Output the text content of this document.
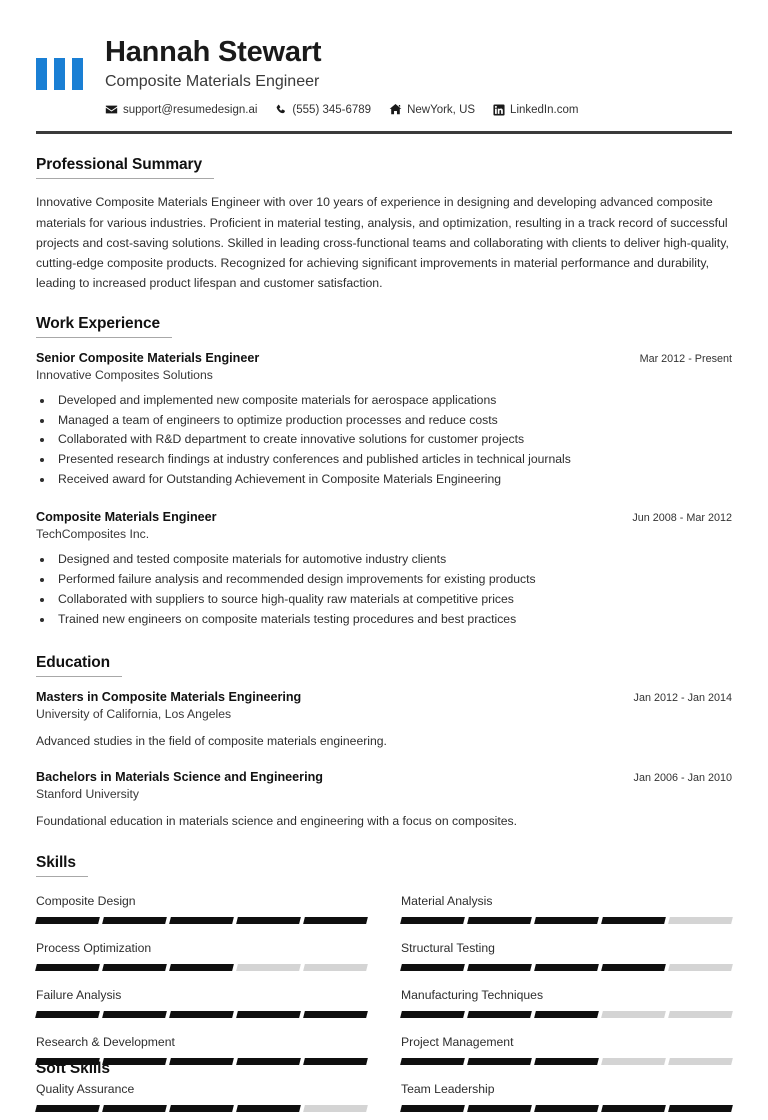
Hannah Stewart
Composite Materials Engineer
support@resumedesign.ai	(555) 345-6789	NewYork, US	LinkedIn.com
Professional Summary

Innovative Composite Materials Engineer with over 10 years of experience in designing and developing advanced composite materials for various industries. Proficient in material testing, analysis, and optimization, resulting in a track record of successful projects and cost-saving solutions. Skilled in leading cross-functional teams and collaborating with clients to deliver high-quality, cutting-edge composite products. Recognized for achieving significant improvements in material performance and durability, leading to increased product lifespan and customer satisfaction.

Work Experience
Senior Composite Materials Engineer	Mar 2012 - Present
Innovative Composites Solutions
• Developed and implemented new composite materials for aerospace applications
• Managed a team of engineers to optimize production processes and reduce costs
• Collaborated with R&D department to create innovative solutions for customer projects
• Presented research findings at industry conferences and published articles in technical journals
• Received award for Outstanding Achievement in Composite Materials Engineering
Composite Materials Engineer	Jun 2008 - Mar 2012
TechComposites Inc.
• Designed and tested composite materials for automotive industry clients
• Performed failure analysis and recommended design improvements for existing products
• Collaborated with suppliers to source high-quality raw materials at competitive prices
• Trained new engineers on composite materials testing procedures and best practices
Education
Masters in Composite Materials Engineering	Jan 2012 - Jan 2014
University of California, Los Angeles
Advanced studies in the field of composite materials engineering.
Bachelors in Materials Science and Engineering	Jan 2006 - Jan 2010
Stanford University
Foundational education in materials science and engineering with a focus on composites.
Skills
Composite Design	Material Analysis
Process Optimization	Structural Testing
Failure Analysis	Manufacturing Techniques
Research & Development	Project Management
Quality Assurance	Team Leadership
Soft Skills
